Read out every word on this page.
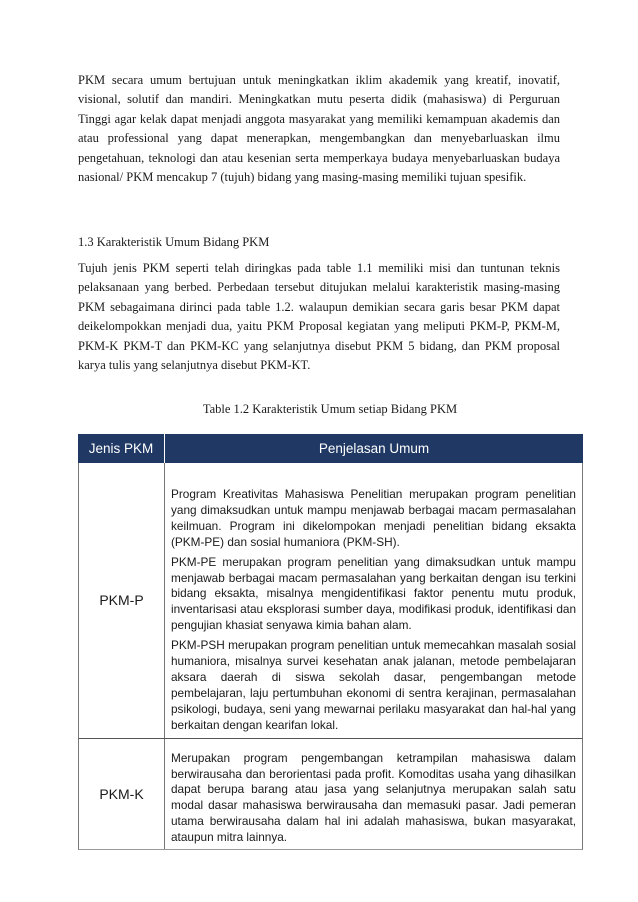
PKM secara umum bertujuan untuk meningkatkan iklim akademik yang kreatif, inovatif, visional, solutif dan mandiri. Meningkatkan mutu peserta didik (mahasiswa) di Perguruan Tinggi agar kelak dapat menjadi anggota masyarakat yang memiliki kemampuan akademis dan atau professional yang dapat menerapkan, mengembangkan dan menyebarluaskan ilmu pengetahuan, teknologi dan atau kesenian serta memperkaya budaya menyebarluaskan budaya nasional/ PKM mencakup 7 (tujuh) bidang yang masing-masing memiliki tujuan spesifik.

1.3 Karakteristik Umum Bidang PKM

Tujuh jenis PKM seperti telah diringkas pada table 1.1 memiliki misi dan tuntunan teknis pelaksanaan yang berbed. Perbedaan tersebut ditujukan melalui karakteristik masing-masing PKM sebagaimana dirinci pada table 1.2. walaupun demikian secara garis besar PKM dapat deikelompokkan menjadi dua, yaitu PKM Proposal kegiatan yang meliputi PKM-P, PKM-M, PKM-K PKM-T dan PKM-KC yang selanjutnya disebut PKM 5 bidang, dan PKM proposal karya tulis yang selanjutnya disebut PKM-KT.

Table 1.2 Karakteristik Umum setiap Bidang PKM

Jenis PKM	Penjelasan Umum
PKM-P

Program Kreativitas Mahasiswa Penelitian merupakan program penelitian yang dimaksudkan untuk mampu menjawab berbagai macam permasalahan keilmuan. Program ini dikelompokan menjadi penelitian bidang eksakta (PKM-PE) dan sosial humaniora (PKM-SH).

PKM-PE merupakan program penelitian yang dimaksudkan untuk mampu menjawab berbagai macam permasalahan yang berkaitan dengan isu terkini bidang eksakta, misalnya mengidentifikasi faktor penentu mutu produk, inventarisasi atau eksplorasi sumber daya, modifikasi produk, identifikasi dan pengujian khasiat senyawa kimia bahan alam.

PKM-PSH merupakan program penelitian untuk memecahkan masalah sosial humaniora, misalnya survei kesehatan anak jalanan, metode pembelajaran aksara daerah di siswa sekolah dasar, pengembangan metode pembelajaran, laju pertumbuhan ekonomi di sentra kerajinan, permasalahan psikologi, budaya, seni yang mewarnai perilaku masyarakat dan hal-hal yang berkaitan dengan kearifan lokal.

PKM-K

Merupakan program pengembangan ketrampilan mahasiswa dalam berwirausaha dan berorientasi pada profit. Komoditas usaha yang dihasilkan dapat berupa barang atau jasa yang selanjutnya merupakan salah satu modal dasar mahasiswa berwirausaha dan memasuki pasar. Jadi pemeran utama berwirausaha dalam hal ini adalah mahasiswa, bukan masyarakat, ataupun mitra lainnya.
